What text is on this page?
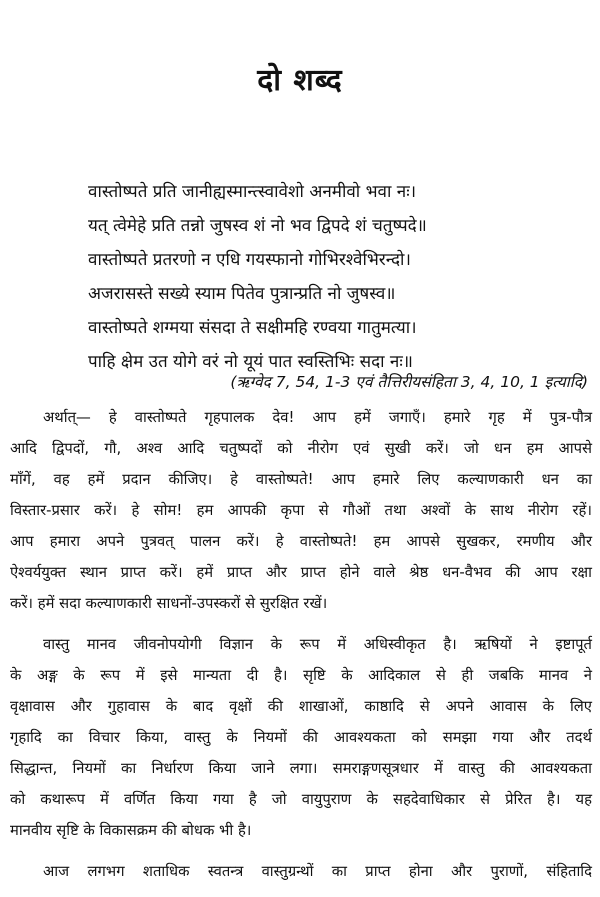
दो शब्द
वास्तोष्पते प्रति जानीह्यस्मान्त्स्वावेशो अनमीवो भवा नः।
यत् त्वेमेहे प्रति तन्नो जुषस्व शं नो भव द्विपदे शं चतुष्पदे॥
वास्तोष्पते प्रतरणो न एधि गयस्फानो गोभिरश्वेभिरन्दो।
अजरासस्ते सख्ये स्याम पितेव पुत्रान्प्रति नो जुषस्व॥
वास्तोष्पते शग्मया संसदा ते सक्षीमहि रण्वया गातुमत्या।
पाहि क्षेम उत योगे वरं नो यूयं पात स्वस्तिभिः सदा नः॥
(ऋग्वेद 7, 54, 1-3 एवं तैत्तिरीयसंहिता 3, 4, 10, 1 इत्यादि)
अर्थात्— हे वास्तोष्पते गृहपालक देव! आप हमें जगाएँ। हमारे गृह में पुत्र-पौत्र
आदि द्विपदों, गौ, अश्व आदि चतुष्पदों को नीरोग एवं सुखी करें। जो धन हम आपसे
माँगें, वह हमें प्रदान कीजिए। हे वास्तोष्पते! आप हमारे लिए कल्याणकारी धन का
विस्तार-प्रसार करें। हे सोम! हम आपकी कृपा से गौओं तथा अश्वों के साथ नीरोग रहें।
आप हमारा अपने पुत्रवत् पालन करें। हे वास्तोष्पते! हम आपसे सुखकर, रमणीय और
ऐश्वर्ययुक्त स्थान प्राप्त करें। हमें प्राप्त और प्राप्त होने वाले श्रेष्ठ धन-वैभव की आप रक्षा
करें। हमें सदा कल्याणकारी साधनों-उपस्करों से सुरक्षित रखें।
वास्तु मानव जीवनोपयोगी विज्ञान के रूप में अधिस्वीकृत है। ऋषियों ने इष्टापूर्त
के अङ्ग के रूप में इसे मान्यता दी है। सृष्टि के आदिकाल से ही जबकि मानव ने
वृक्षावास और गुहावास के बाद वृक्षों की शाखाओं, काष्ठादि से अपने आवास के लिए
गृहादि का विचार किया, वास्तु के नियमों की आवश्यकता को समझा गया और तदर्थ
सिद्धान्त, नियमों का निर्धारण किया जाने लगा। समराङ्गणसूत्रधार में वास्तु की आवश्यकता
को कथारूप में वर्णित किया गया है जो वायुपुराण के सहदेवाधिकार से प्रेरित है। यह
मानवीय सृष्टि के विकासक्रम की बोधक भी है।
आज लगभग शताधिक स्वतन्त्र वास्तुग्रन्थों का प्राप्त होना और पुराणों, संहितादि
